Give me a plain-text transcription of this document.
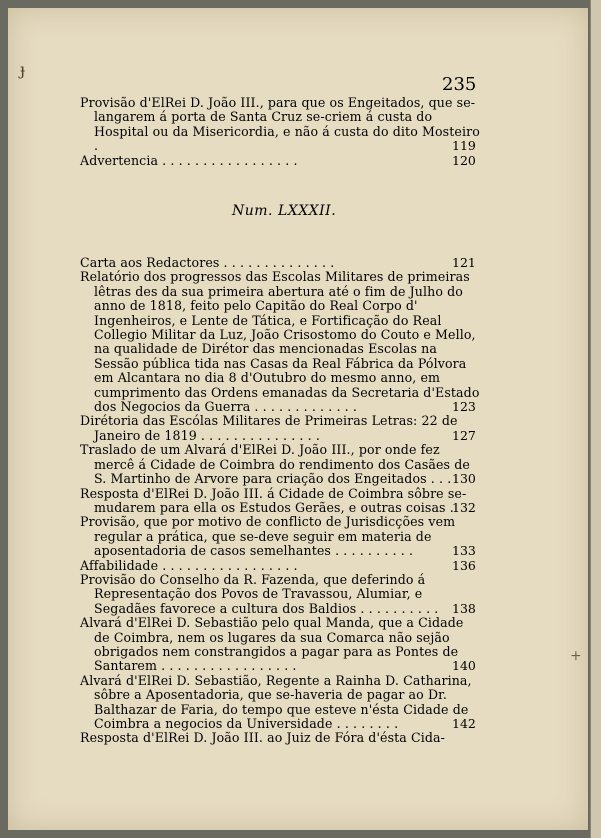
ɟ
235
+

Provisão d'ElRei D. João III., para que os Engeitados, que se-langarem á porta de Santa Cruz se-criem á custa do Hospital ou da Misericordia, e não á custa do dito Mosteiro .	119

Advertencia . . . . . . . . . . . . . . . . .	120

Num. LXXXII.

Carta aos Redactores . . . . . . . . . . . . . .	121

Relatório dos progressos das Escolas Militares de primeiras lêtras des da sua primeira abertura até o fim de Julho do anno de 1818, feito pelo Capitão do Real Corpo d' Ingenheiros, e Lente de Tática, e Fortificação do Real Collegio Militar da Luz, João Crisostomo do Couto e Mello, na qualidade de Dirétor das mencionadas Escolas na Sessão pública tida nas Casas da Real Fábrica da Pólvora em Alcantara no dia 8 d'Outubro do mesmo anno, em cumprimento das Ordens emanadas da Secretaria d'Estado dos Negocios da Guerra . . . . . . . . . . . . .	123

Dirétoria das Escólas Militares de Primeiras Letras: 22 de Janeiro de 1819 . . . . . . . . . . . . . . .	127

Traslado de um Alvará d'ElRei D. João III., por onde fez mercê á Cidade de Coimbra do rendimento dos Casães de S. Martinho de Arvore para criação dos Engeitados . . . 130

Resposta d'ElRei D. João III. á Cidade de Coimbra sôbre se-mudarem para ella os Estudos Gerães, e outras coisas .
132

Provisão, que por motivo de conflicto de Jurisdicções vem regular a prática, que se-deve seguir em materia de aposentadoria de casos semelhantes . . . . . . . . . .	133

Affabilidade . . . . . . . . . . . . . . . . .	136

Provisão do Conselho da R. Fazenda, que deferindo á Representação dos Povos de Travassou, Alumiar, e Segadães favorece a cultura dos Baldios . . . . . . . . . . 138

Alvará d'ElRei D. Sebastião pelo qual Manda, que a Cidade de Coimbra, nem os lugares da sua Comarca não sejão obrigados nem constrangidos a pagar para as Pontes de Santarem . . . . . . . . . . . . . . . . .	140

Alvará d'ElRei D. Sebastião, Regente a Rainha D. Catharina, sôbre a Aposentadoria, que se-haveria de pagar ao Dr. Balthazar de Faria, do tempo que esteve n'ésta Cidade de Coimbra a negocios da Universidade . . . . . . . .	142

Resposta d'ElRei D. João III. ao Juiz de Fóra d'ésta Cida-
